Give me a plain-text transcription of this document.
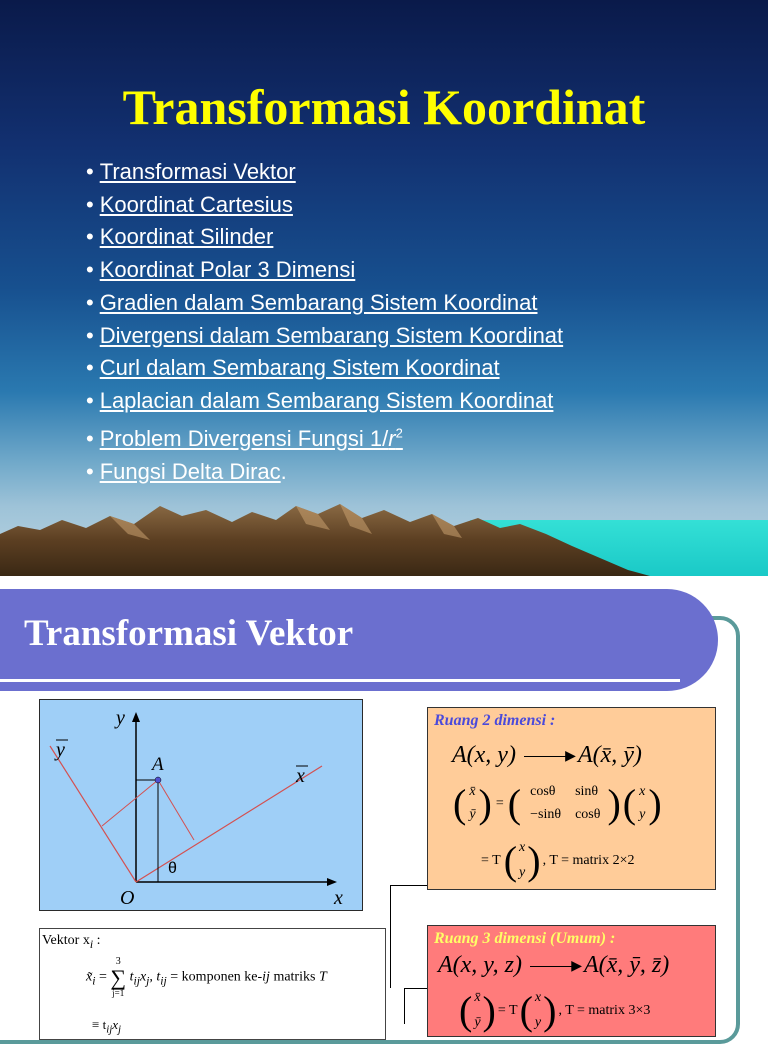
Transformasi Koordinat
• Transformasi Vektor
• Koordinat Cartesius
• Koordinat Silinder
• Koordinat Polar 3 Dimensi
• Gradien dalam Sembarang Sistem Koordinat
• Divergensi dalam Sembarang Sistem Koordinat
• Curl dalam Sembarang Sistem Koordinat
• Laplacian dalam Sembarang Sistem Koordinat
• Problem Divergensi Fungsi $1/r^2$
• Fungsi Delta Dirac.
Transformasi Vektor
y
y
A
x
θ
O	x
Ruang 2 dimensi :
A(x, y)	▶ A(x̄, ȳ)
(	x̄	)	=	(	cosθ	sinθ	)	(	x	)
	ȳ				−sinθ	cosθ			y	
= T	(	x	)	, T = matrix 2×2
y
Ruang 3 dimensi (Umum) :
A(x, y, z)	▶ A(x̄, ȳ, z̄)
(	x̄	)	= T	(	x	)	, T = matrix 3×3
	ȳ				y		
Vektor $x_i$ :
$x̃_i$ =
3
∑
j=1
$t_{ij}x_j$, $t_{ij}$ = komponen ke-ij matriks T
≡ $t_{ij}x_j$
